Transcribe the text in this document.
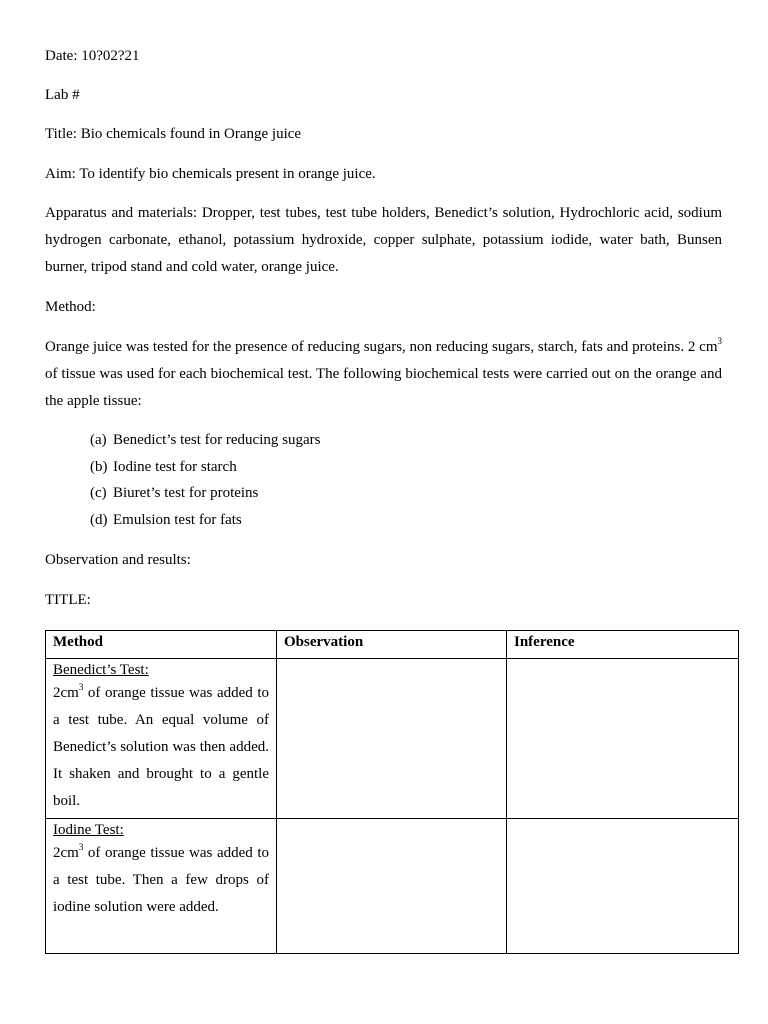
Date: 10?02?21
Lab #
Title: Bio chemicals found in Orange juice
Aim: To identify bio chemicals present in orange juice.
Apparatus and materials: Dropper, test tubes, test tube holders, Benedict’s solution, Hydrochloric acid, sodium hydrogen carbonate, ethanol, potassium hydroxide, copper sulphate, potassium iodide, water bath, Bunsen burner, tripod stand and cold water, orange juice.
Method:
Orange juice was tested for the presence of reducing sugars, non reducing sugars, starch, fats and proteins. 2 $cm^3$ of tissue was used for each biochemical test. The following biochemical tests were carried out on the orange and the apple tissue:
(a) Benedict’s test for reducing sugars
(b) Iodine test for starch
(c) Biuret’s test for proteins
(d) Emulsion test for fats
Observation and results:
TITLE:
Method	Observation	Inference

Benedict’s Test:
$2cm^3$ of orange tissue was added to a test tube. An equal volume of Benedict’s solution was then added. It shaken and brought to a gentle boil.		

Iodine Test:
$2cm^3$ of orange tissue was added to a test tube. Then a few drops of iodine solution were added.		
